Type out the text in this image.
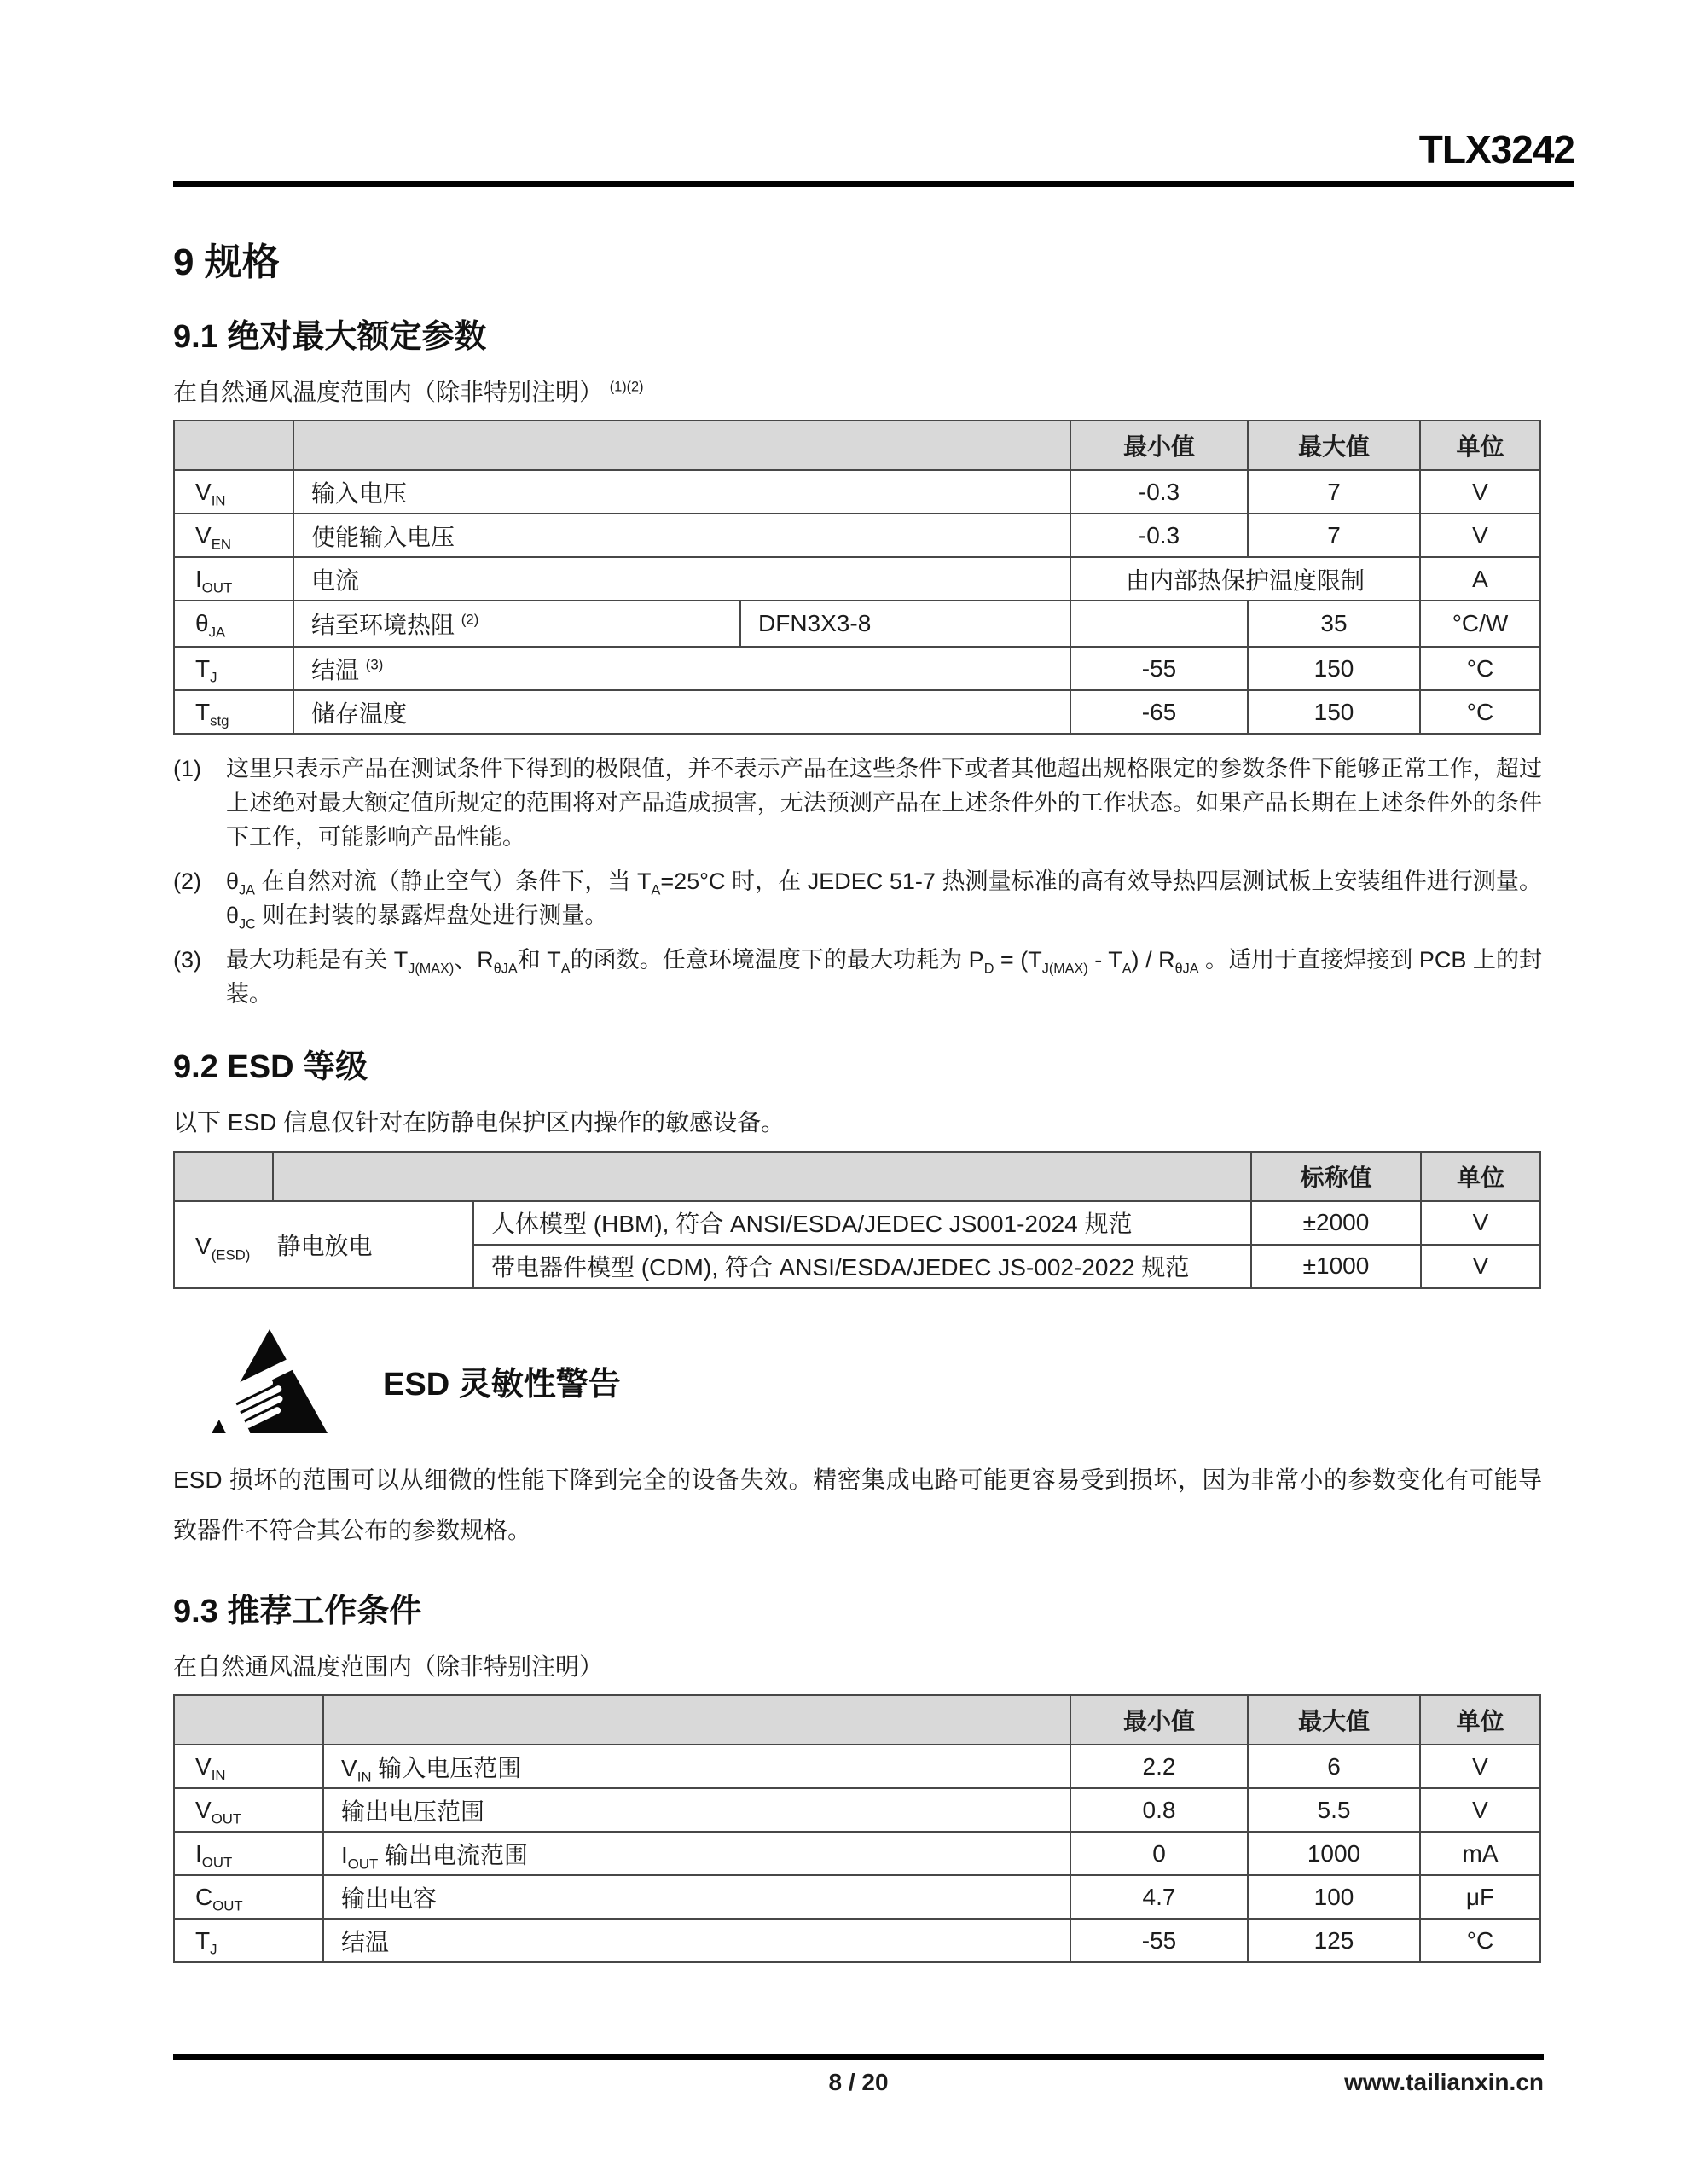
TLX3242
9 规格
9.1 绝对最大额定参数

在自然通风温度范围内（除非特别注明） $^{(1)(2)}$

			最小值	最大值	单位
$V_{IN}$	输入电压		-0.3	7	V
$V_{EN}$	使能输入电压		-0.3	7	V
$I_{OUT}$	电流		由内部热保护温度限制		A
$\theta_{JA}$	结至环境热阻 $^{(2)}$	DFN3X3-8		35	°C/W
$T_J$	结温 $^{(3)}$		-55	150	°C
$T_{stg}$	储存温度		-65	150	°C
(1)	这里只表示产品在测试条件下得到的极限值，并不表示产品在这些条件下或者其他超出规格限定的参数条件下能够正常工作，超过上述绝对最大额定值所规定的范围将对产品造成损害，无法预测产品在上述条件外的工作状态。如果产品长期在上述条件外的条件下工作，可能影响产品性能。
(2)	$\theta_{JA}$ 在自然对流（静止空气）条件下，当 $T_A=25^\circ C$ 时，在 JEDEC 51-7 热测量标准的高有效导热四层测试板上安装组件进行测量。$\theta_{JC}$ 则在封装的暴露焊盘处进行测量。
(3)	最大功耗是有关 $T_{J(MAX)}$、$R_{\theta JA}$和 $T_A$的函数。任意环境温度下的最大功耗为 $P_D = (T_{J(MAX)} - T_A) / R_{\theta JA}$ 。适用于直接焊接到 PCB 上的封装。
9.2 ESD 等级

以下 ESD 信息仅针对在防静电保护区内操作的敏感设备。

			标称值	单位
$V_{(ESD)}$    静电放电		人体模型 (HBM), 符合 ANSI/ESDA/JEDEC JS001-2024 规范	±2000	V
		带电器件模型 (CDM), 符合 ANSI/ESDA/JEDEC JS-002-2022 规范	±1000	V
ESD 灵敏性警告

ESD 损坏的范围可以从细微的性能下降到完全的设备失效。精密集成电路可能更容易受到损坏，因为非常小的参数变化有可能导致器件不符合其公布的参数规格。

9.3 推荐工作条件

在自然通风温度范围内（除非特别注明）

		最小值	最大值	单位
$V_{IN}$	$V_{IN}$ 输入电压范围	2.2	6	V
$V_{OUT}$	输出电压范围	0.8	5.5	V
$I_{OUT}$	$I_{OUT}$ 输出电流范围	0	1000	mA
$C_{OUT}$	输出电容	4.7	100	μF
$T_J$	结温	-55	125	°C
8 / 20	www.tailianxin.cn
